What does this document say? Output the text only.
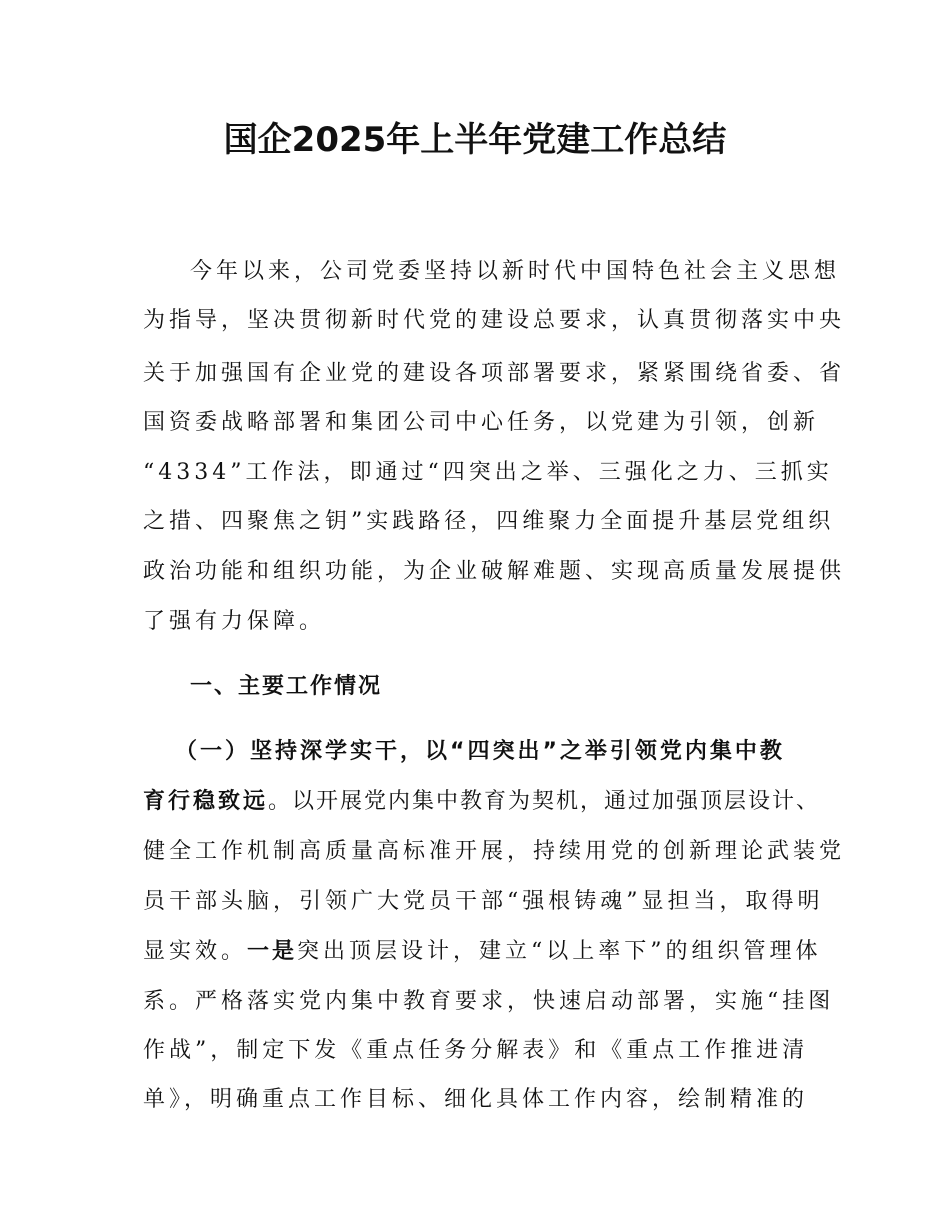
国企2025年上半年党建工作总结
今年以来，公司党委坚持以新时代中国特色社会主义思想
为指导，坚决贯彻新时代党的建设总要求，认真贯彻落实中央
关于加强国有企业党的建设各项部署要求，紧紧围绕省委、省
国资委战略部署和集团公司中心任务，以党建为引领，创新
“4334”工作法，即通过“四突出之举、三强化之力、三抓实
之措、四聚焦之钥”实践路径，四维聚力全面提升基层党组织
政治功能和组织功能，为企业破解难题、实现高质量发展提供
了强有力保障。
一、主要工作情况
（一）坚持深学实干，以“四突出”之举引领党内集中教
育行稳致远。以开展党内集中教育为契机，通过加强顶层设计、
健全工作机制高质量高标准开展，持续用党的创新理论武装党
员干部头脑，引领广大党员干部“强根铸魂”显担当，取得明
显实效。一是突出顶层设计，建立“以上率下”的组织管理体
系。严格落实党内集中教育要求，快速启动部署，实施“挂图
作战”，制定下发《重点任务分解表》和《重点工作推进清
单》，明确重点工作目标、细化具体工作内容，绘制精准的
